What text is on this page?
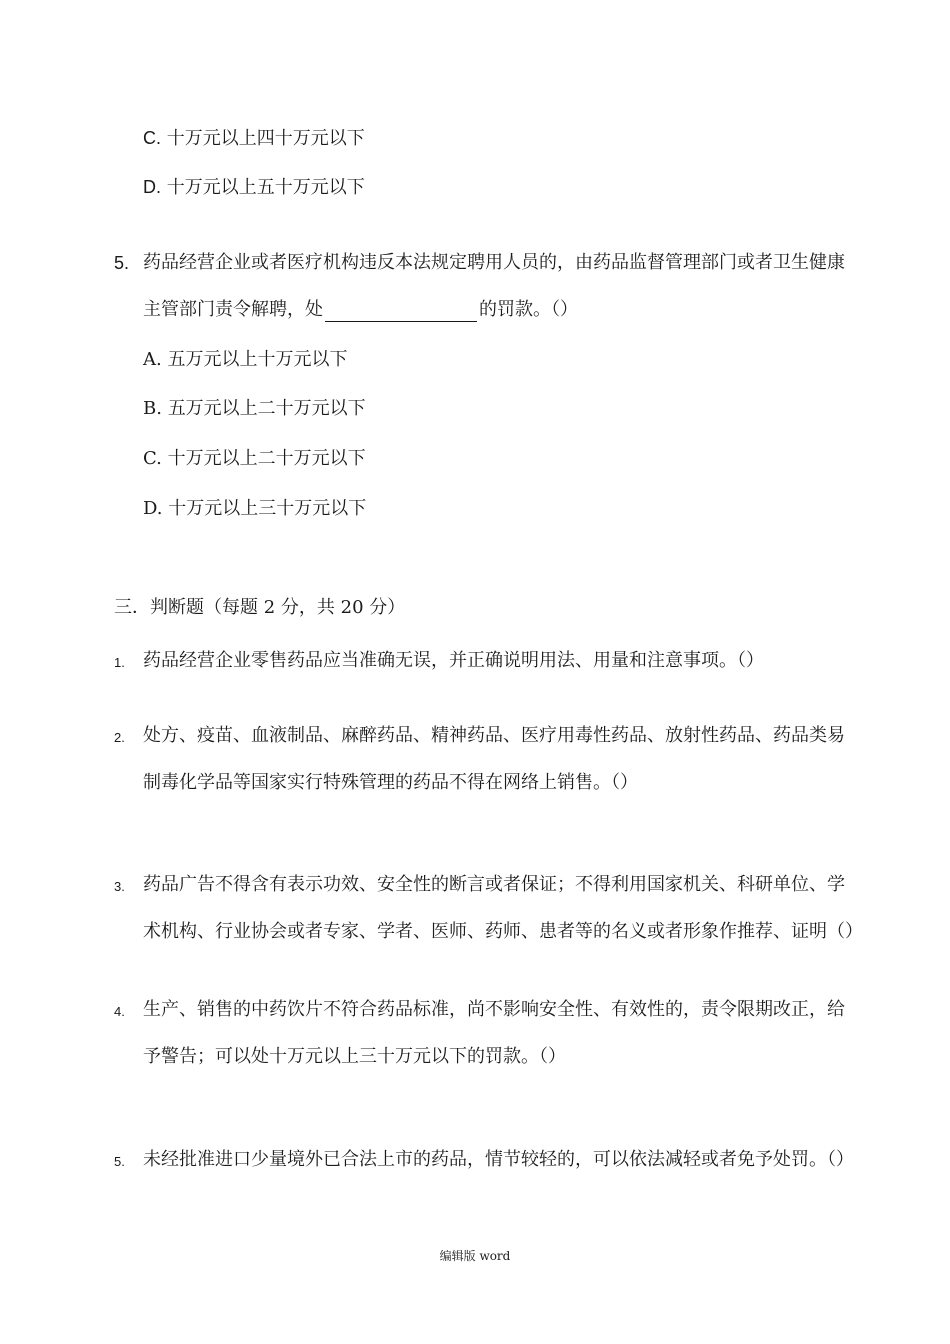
C. 十万元以上四十万元以下
D. 十万元以上五十万元以下
5. 药品经营企业或者医疗机构违反本法规定聘用人员的，由药品监督管理部门或者卫生健康
主管部门责令解聘，处	的罚款。（）
A. 五万元以上十万元以下
B. 五万元以上二十万元以下
C. 十万元以上二十万元以下
D. 十万元以上三十万元以下
三．判断题（每题 2 分，共 20 分）
1. 药品经营企业零售药品应当准确无误，并正确说明用法、用量和注意事项。（）
2. 处方、疫苗、血液制品、麻醉药品、精神药品、医疗用毒性药品、放射性药品、药品类易
制毒化学品等国家实行特殊管理的药品不得在网络上销售。（）
3. 药品广告不得含有表示功效、安全性的断言或者保证；不得利用国家机关、科研单位、学
术机构、行业协会或者专家、学者、医师、药师、患者等的名义或者形象作推荐、证明（）
4. 生产、销售的中药饮片不符合药品标准，尚不影响安全性、有效性的，责令限期改正，给
予警告；可以处十万元以上三十万元以下的罚款。（）
5. 未经批准进口少量境外已合法上市的药品，情节较轻的，可以依法减轻或者免予处罚。（）
编辑版 word
